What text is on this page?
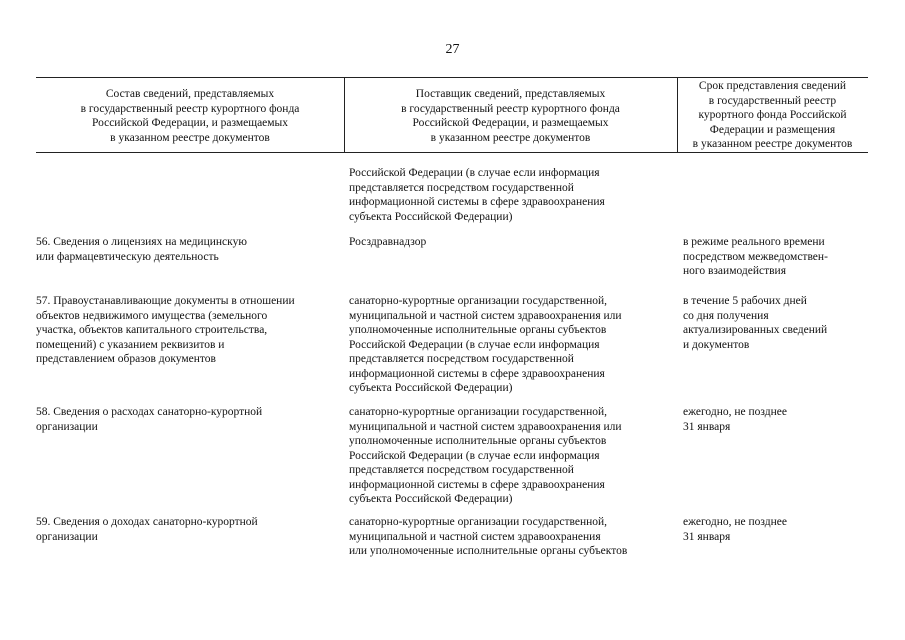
27
Состав сведений, представляемых
в государственный реестр курортного фонда
Российской Федерации, и размещаемых
в указанном реестре документов
Поставщик сведений, представляемых
в государственный реестр курортного фонда
Российской Федерации, и размещаемых
в указанном реестре документов
Срок представления сведений
в государственный реестр
курортного фонда Российской
Федерации и размещения
в указанном реестре документов
Российской Федерации (в случае если информация
представляется посредством государственной
информационной системы в сфере здравоохранения
субъекта Российской Федерации)
56. Сведения о лицензиях на медицинскую
или фармацевтическую деятельность
Росздравнадзор	в режиме реального времени
посредством межведомствен-
ного взаимодействия
57. Правоустанавливающие документы в отношении
объектов недвижимого имущества (земельного
участка, объектов капитального строительства,
помещений) с указанием реквизитов и
представлением образов документов
санаторно-курортные организации государственной,
муниципальной и частной систем здравоохранения или
уполномоченные исполнительные органы субъектов
Российской Федерации (в случае если информация
представляется посредством государственной
информационной системы в сфере здравоохранения
субъекта Российской Федерации)
в течение 5 рабочих дней
со дня получения
актуализированных сведений
и документов
58. Сведения о расходах санаторно-курортной
организации
санаторно-курортные организации государственной,
муниципальной и частной систем здравоохранения или
уполномоченные исполнительные органы субъектов
Российской Федерации (в случае если информация
представляется посредством государственной
информационной системы в сфере здравоохранения
субъекта Российской Федерации)
ежегодно, не позднее
31 января
59. Сведения о доходах санаторно-курортной
организации
санаторно-курортные организации государственной,
муниципальной и частной систем здравоохранения
или уполномоченные исполнительные органы субъектов
ежегодно, не позднее
31 января
